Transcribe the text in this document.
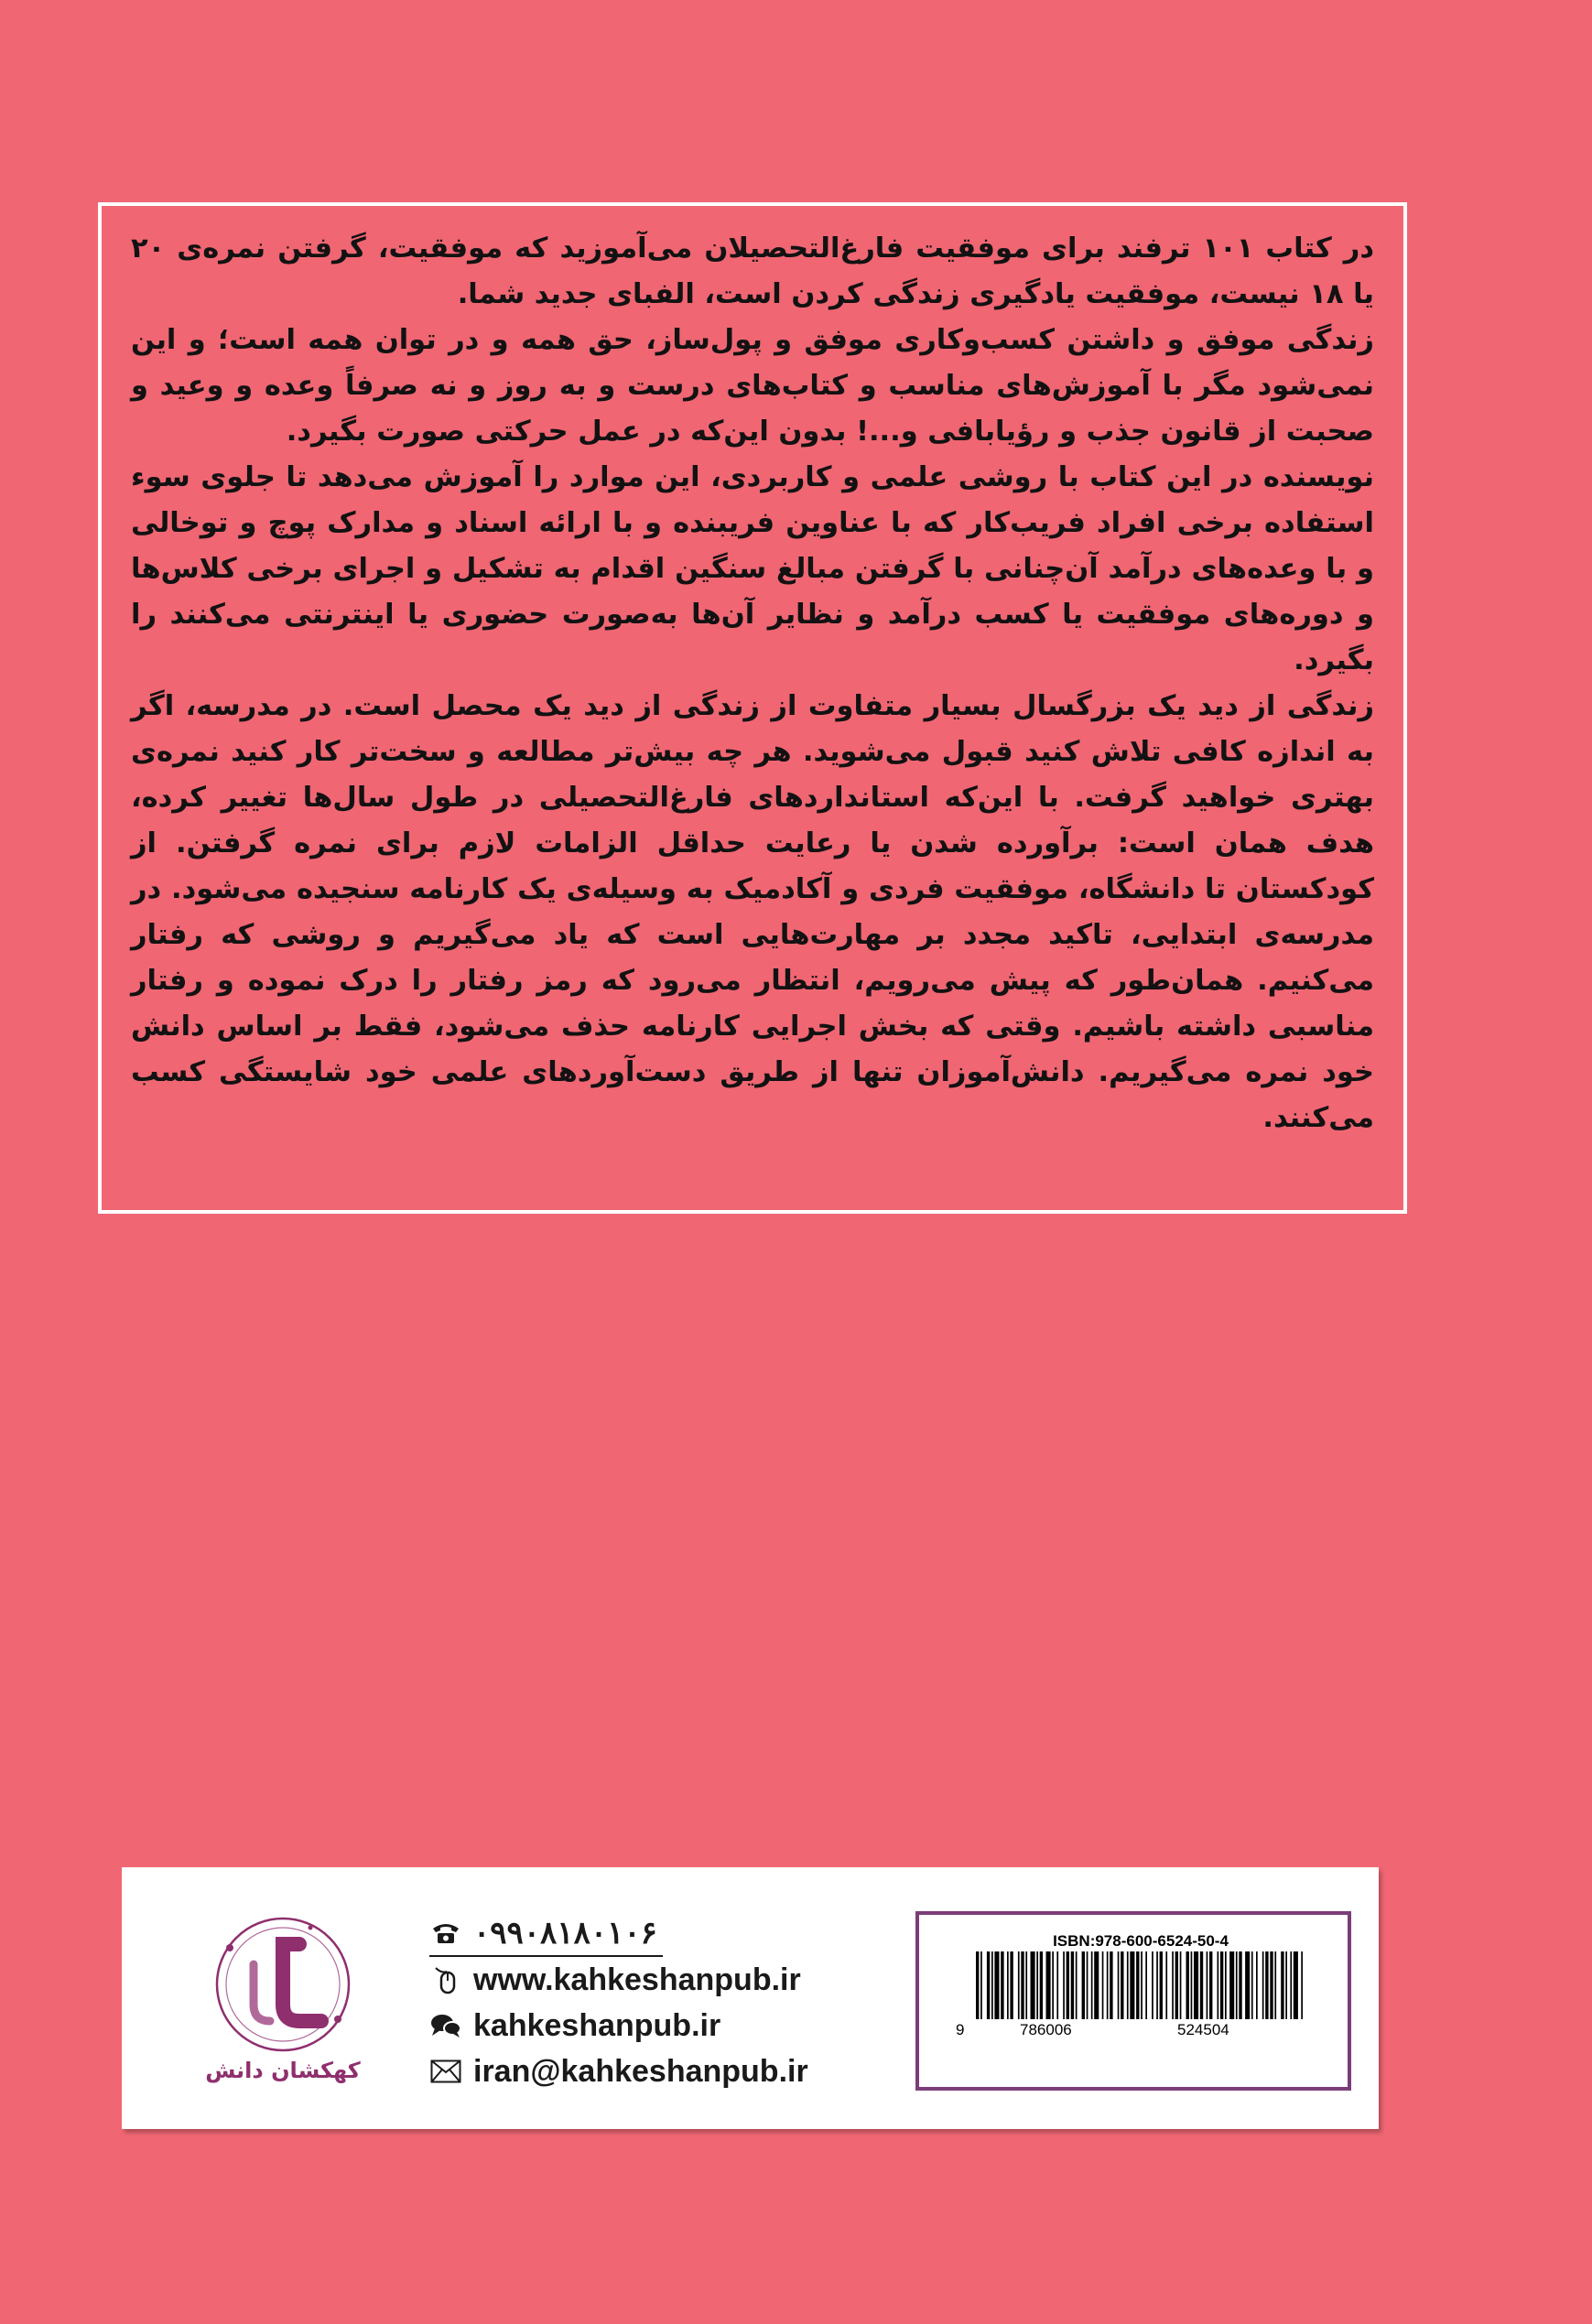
در کتاب ۱۰۱ ترفند برای موفقیت فارغ‌التحصیلان می‌آموزید که موفقیت، گرفتن نمره‌ی ۲۰ یا ۱۸ نیست، موفقیت یادگیری زندگی کردن است، الفبای جدید شما.

زندگی موفق و داشتن کسب‌وکاری موفق و پول‌ساز، حق همه و در توان همه است؛ و این نمی‌شود مگر با آموزش‌های مناسب و کتاب‌های درست و به روز و نه صرفاً وعده و وعید و صحبت از قانون جذب و رؤیابافی و...! بدون این‌که در عمل حرکتی صورت بگیرد.

نویسنده در این کتاب با روشی علمی و کاربردی، این موارد را آموزش می‌دهد تا جلوی سوء استفاده برخی افراد فریب‌کار که با عناوین فریبنده و با ارائه اسناد و مدارک پوچ و توخالی و با وعده‌های درآمد آن‌چنانی با گرفتن مبالغ سنگین اقدام به تشکیل و اجرای برخی کلاس‌ها و دوره‌های موفقیت یا کسب درآمد و نظایر آن‌ها به‌صورت حضوری یا اینترنتی می‌کنند را بگیرد.

زندگی از دید یک بزرگسال بسیار متفاوت از زندگی از دید یک محصل است. در مدرسه، اگر به اندازه کافی تلاش کنید قبول می‌شوید. هر چه بیش‌تر مطالعه و سخت‌تر کار کنید نمره‌ی بهتری خواهید گرفت. با این‌که استانداردهای فارغ‌التحصیلی در طول سال‌ها تغییر کرده، هدف همان است: برآورده شدن یا رعایت حداقل الزامات لازم برای نمره گرفتن. از کودکستان تا دانشگاه، موفقیت فردی و آکادمیک به وسیله‌ی یک کارنامه سنجیده می‌شود. در مدرسه‌ی ابتدایی، تاکید مجدد بر مهارت‌هایی است که یاد می‌گیریم و روشی که رفتار می‌کنیم. همان‌طور که پیش می‌رویم، انتظار می‌رود که رمز رفتار را درک نموده و رفتار مناسبی داشته باشیم. وقتی که بخش اجرایی کارنامه حذف می‌شود، فقط بر اساس دانش خود نمره می‌گیریم. دانش‌آموزان تنها از طریق دست‌آوردهای علمی خود شایستگی کسب می‌کنند.

کهکشان دانش
۰۹۹۰۸۱۸۰۱۰۶
www.kahkeshanpub.ir
kahkeshanpub.ir
iran@kahkeshanpub.ir
ISBN:978-600-6524-50-4
9	786006	524504
